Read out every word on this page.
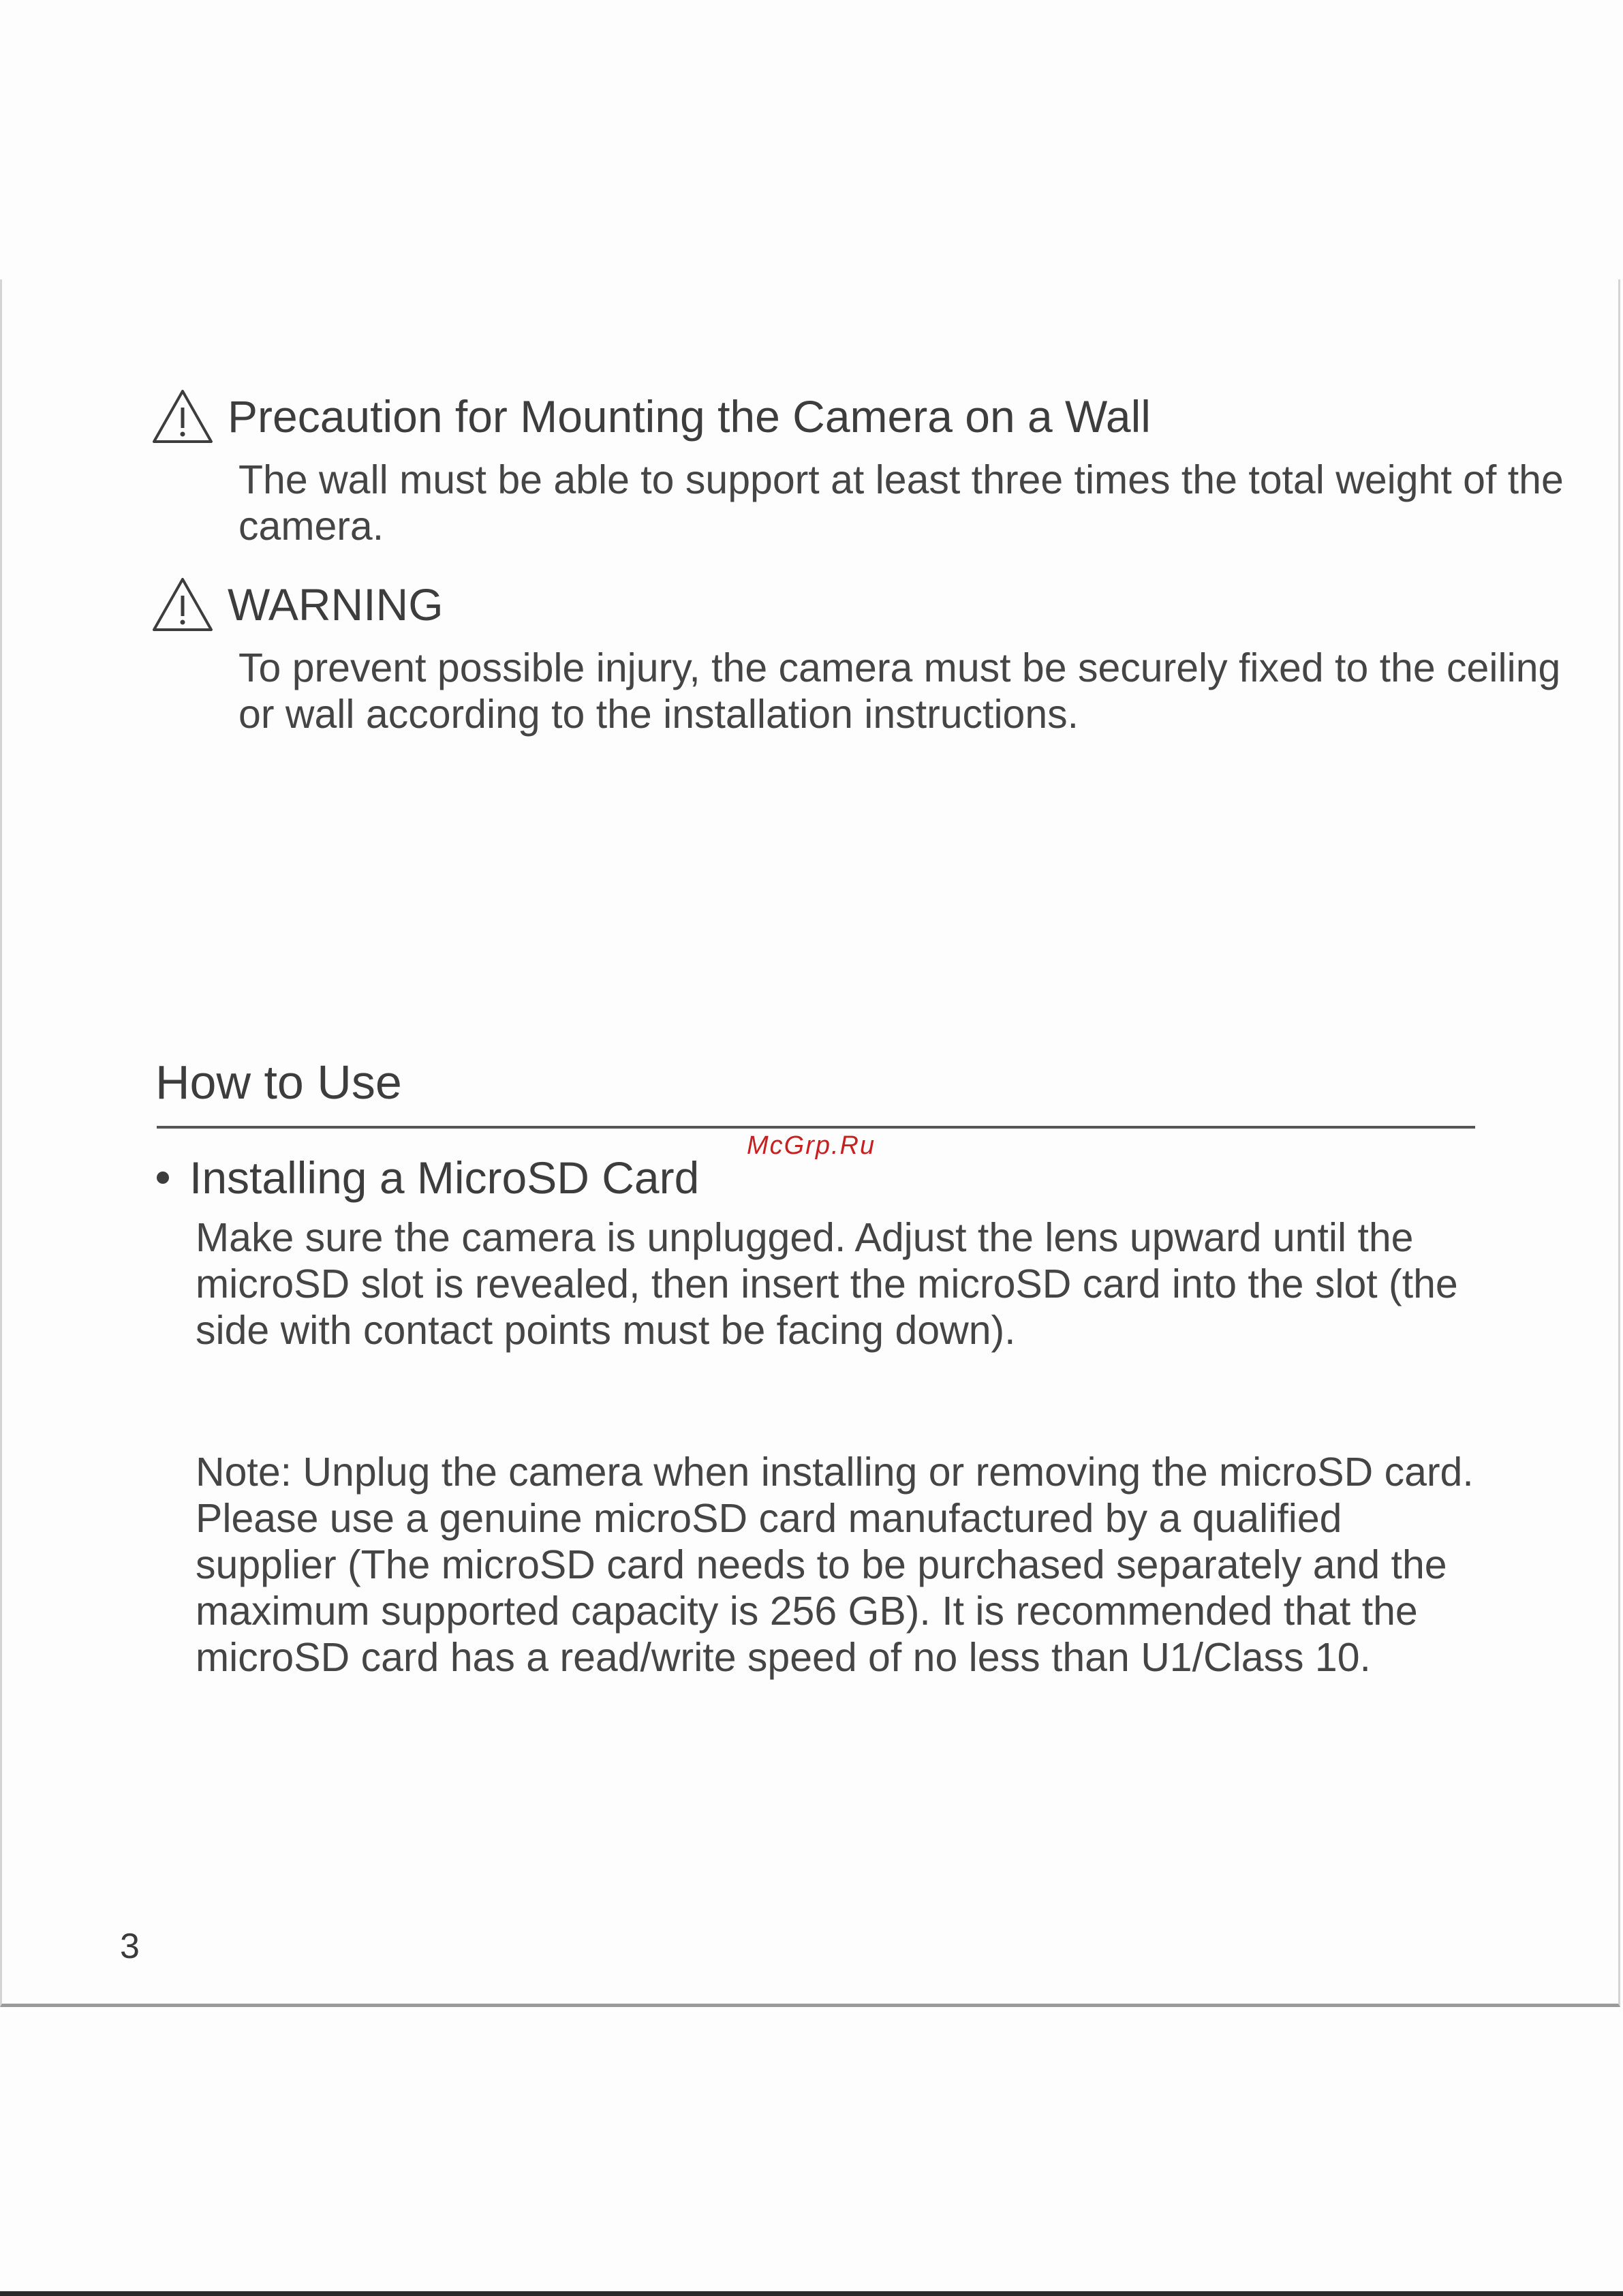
Precaution for Mounting the Camera on a Wall
The wall must be able to support at least three times the total weight of the camera.
WARNING
To prevent possible injury, the camera must be securely fixed to the ceiling or wall according to the installation instructions.
How to Use
McGrp.Ru
Installing a MicroSD Card
Make sure the camera is unplugged. Adjust the lens upward until the microSD slot is revealed, then insert the microSD card into the slot (the side with contact points must be facing down).
Note: Unplug the camera when installing or removing the microSD card. Please use a genuine microSD card manufactured by a qualified supplier (The microSD card needs to be purchased separately and the maximum supported capacity is 256 GB). It is recommended that the microSD card has a read/write speed of no less than U1/Class 10.
3
